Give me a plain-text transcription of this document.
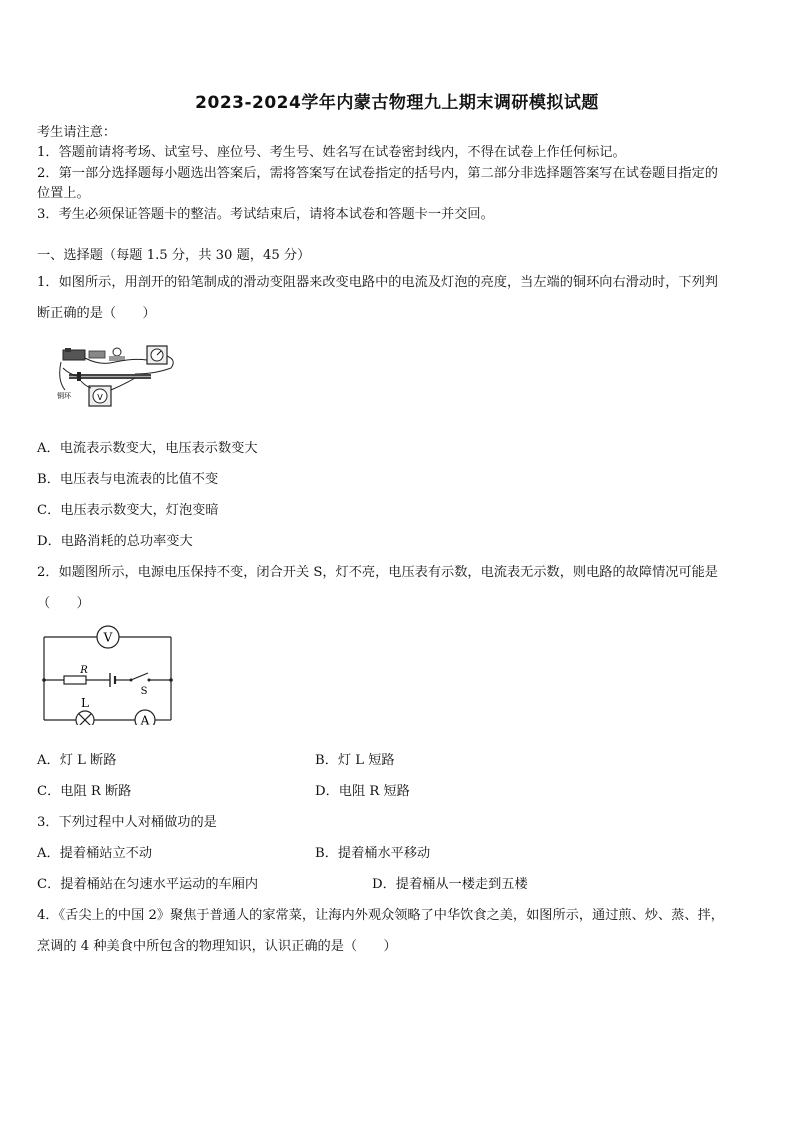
2023-2024学年内蒙古物理九上期末调研模拟试题
考生请注意：
1．答题前请将考场、试室号、座位号、考生号、姓名写在试卷密封线内，不得在试卷上作任何标记。
2．第一部分选择题每小题选出答案后，需将答案写在试卷指定的括号内，第二部分非选择题答案写在试卷题目指定的
位置上。
3．考生必须保证答题卡的整洁。考试结束后，请将本试卷和答题卡一并交回。
一、选择题（每题 1.5 分，共 30 题，45 分）
1．如图所示，用剖开的铅笔制成的滑动变阻器来改变电路中的电流及灯泡的亮度，当左端的铜环向右滑动时，下列判
断正确的是（　　）
V
铜环
A．电流表示数变大，电压表示数变大
B．电压表与电流表的比值不变
C．电压表示数变大，灯泡变暗
D．电路消耗的总功率变大
2．如题图所示，电源电压保持不变，闭合开关 S，灯不亮，电压表有示数，电流表无示数，则电路的故障情况可能是
（　　）
V
R
S
L
A
A．灯 L 断路	B．灯 L 短路
C．电阻 R 断路	D．电阻 R 短路
3．下列过程中人对桶做功的是
A．提着桶站立不动	B．提着桶水平移动
C．提着桶站在匀速水平运动的车厢内	D．提着桶从一楼走到五楼
4．《舌尖上的中国 2》聚焦于普通人的家常菜，让海内外观众领略了中华饮食之美，如图所示，通过煎、炒、蒸、拌，
烹调的 4 种美食中所包含的物理知识，认识正确的是（　　）
